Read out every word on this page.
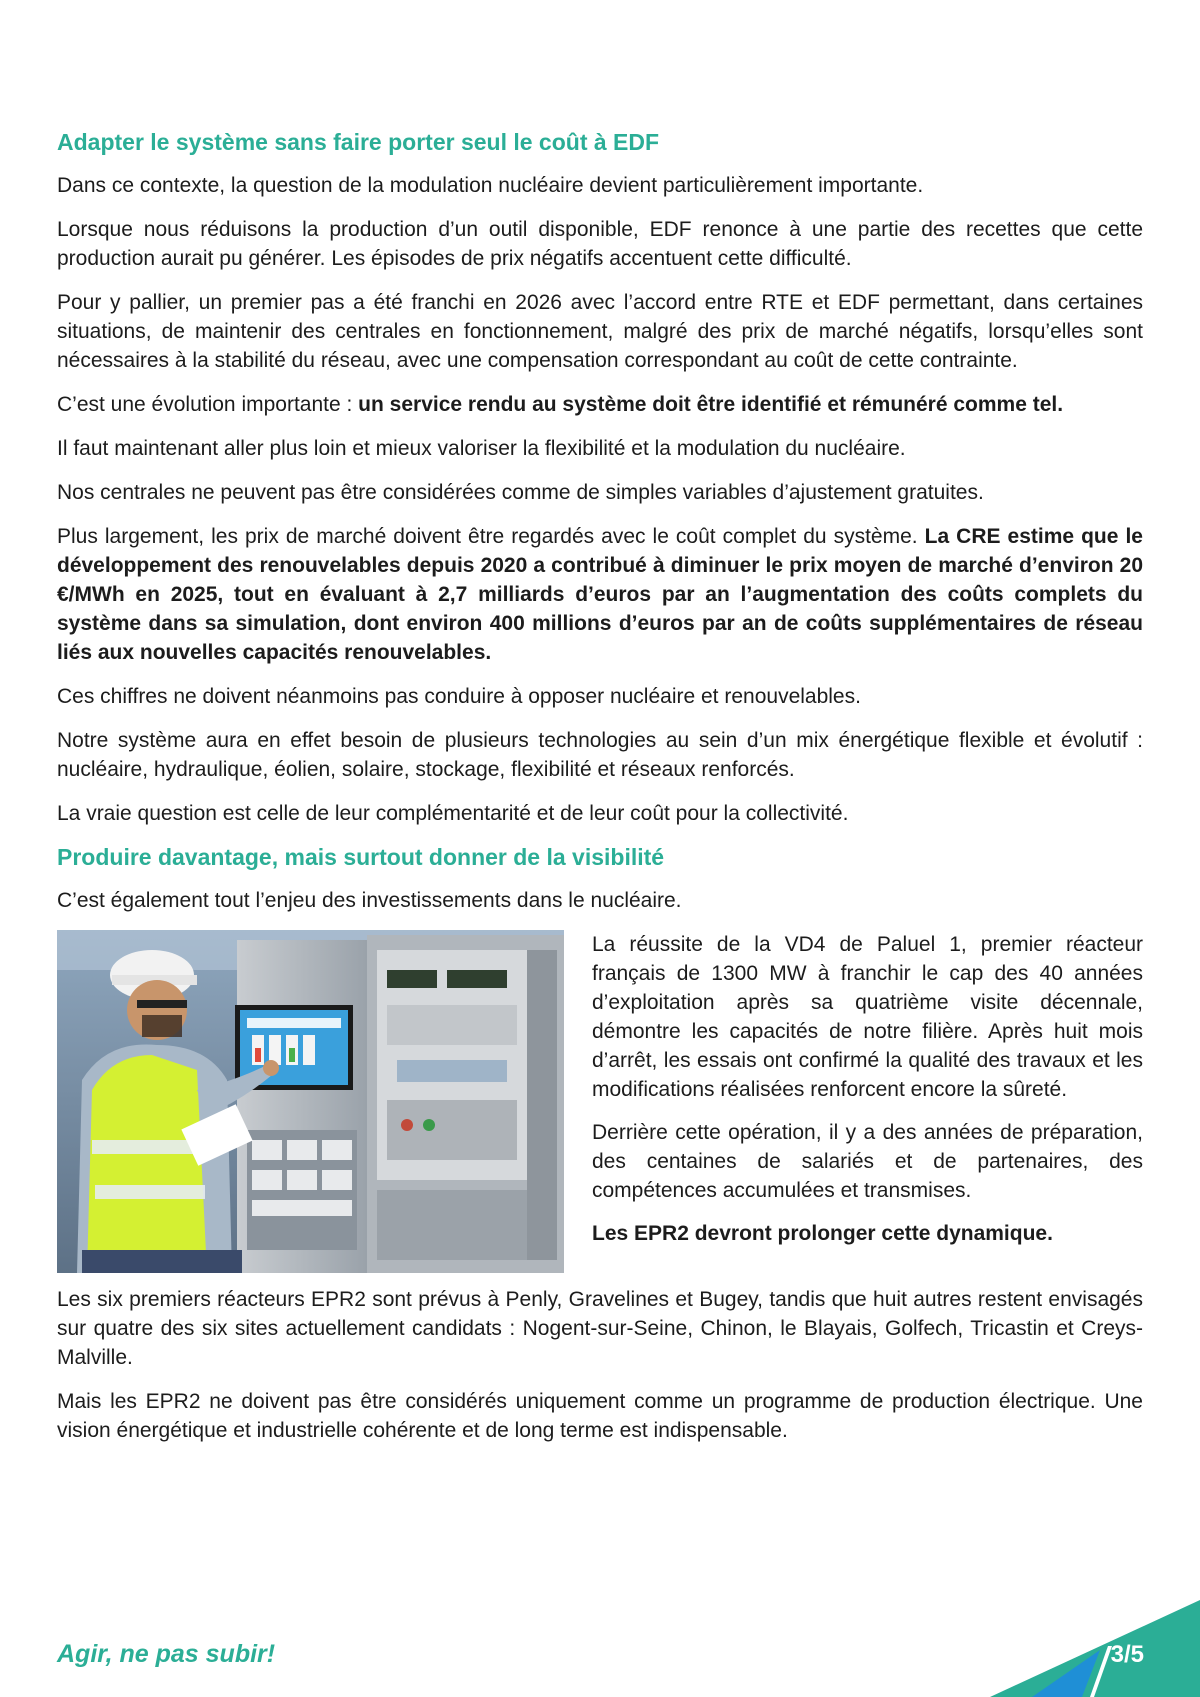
Adapter le système sans faire porter seul le coût à EDF

Dans ce contexte, la question de la modulation nucléaire devient particulièrement importante.

Lorsque nous réduisons la production d’un outil disponible, EDF renonce à une partie des recettes que cette production aurait pu générer. Les épisodes de prix négatifs accentuent cette difficulté.

Pour y pallier, un premier pas a été franchi en 2026 avec l’accord entre RTE et EDF permettant, dans certaines situations, de maintenir des centrales en fonctionnement, malgré des prix de marché négatifs, lorsqu’elles sont nécessaires à la stabilité du réseau, avec une compensation correspondant au coût de cette contrainte.

C’est une évolution importante : un service rendu au système doit être identifié et rémunéré comme tel.

Il faut maintenant aller plus loin et mieux valoriser la flexibilité et la modulation du nucléaire.

Nos centrales ne peuvent pas être considérées comme de simples variables d’ajustement gratuites.

Plus largement, les prix de marché doivent être regardés avec le coût complet du système. La CRE estime que le développement des renouvelables depuis 2020 a contribué à diminuer le prix moyen de marché d’environ 20 €/MWh en 2025, tout en évaluant à 2,7 milliards d’euros par an l’augmentation des coûts complets du système dans sa simulation, dont environ 400 millions d’euros par an de coûts supplémentaires de réseau liés aux nouvelles capacités renouvelables.

Ces chiffres ne doivent néanmoins pas conduire à opposer nucléaire et renouvelables.

Notre système aura en effet besoin de plusieurs technologies au sein d’un mix énergétique flexible et évolutif : nucléaire, hydraulique, éolien, solaire, stockage, flexibilité et réseaux renforcés.

La vraie question est celle de leur complémentarité et de leur coût pour la collectivité.

Produire davantage, mais surtout donner de la visibilité

C’est également tout l’enjeu des investissements dans le nucléaire.

La réussite de la VD4 de Paluel 1, premier réacteur français de 1300 MW à franchir le cap des 40 années d’exploitation après sa quatrième visite décennale, démontre les capacités de notre filière. Après huit mois d’arrêt, les essais ont confirmé la qualité des travaux et les modifications réalisées renforcent encore la sûreté.

Derrière cette opération, il y a des années de préparation, des centaines de salariés et de partenaires, des compétences accumulées et transmises.

Les EPR2 devront prolonger cette dynamique.

Les six premiers réacteurs EPR2 sont prévus à Penly, Gravelines et Bugey, tandis que huit autres restent envisagés sur quatre des six sites actuellement candidats : Nogent-sur-Seine, Chinon, le Blayais, Golfech, Tricastin et Creys-Malville.

Mais les EPR2 ne doivent pas être considérés uniquement comme un programme de production électrique. Une vision énergétique et industrielle cohérente et de long terme est indispensable.

Agir, ne pas subir!	3/5
